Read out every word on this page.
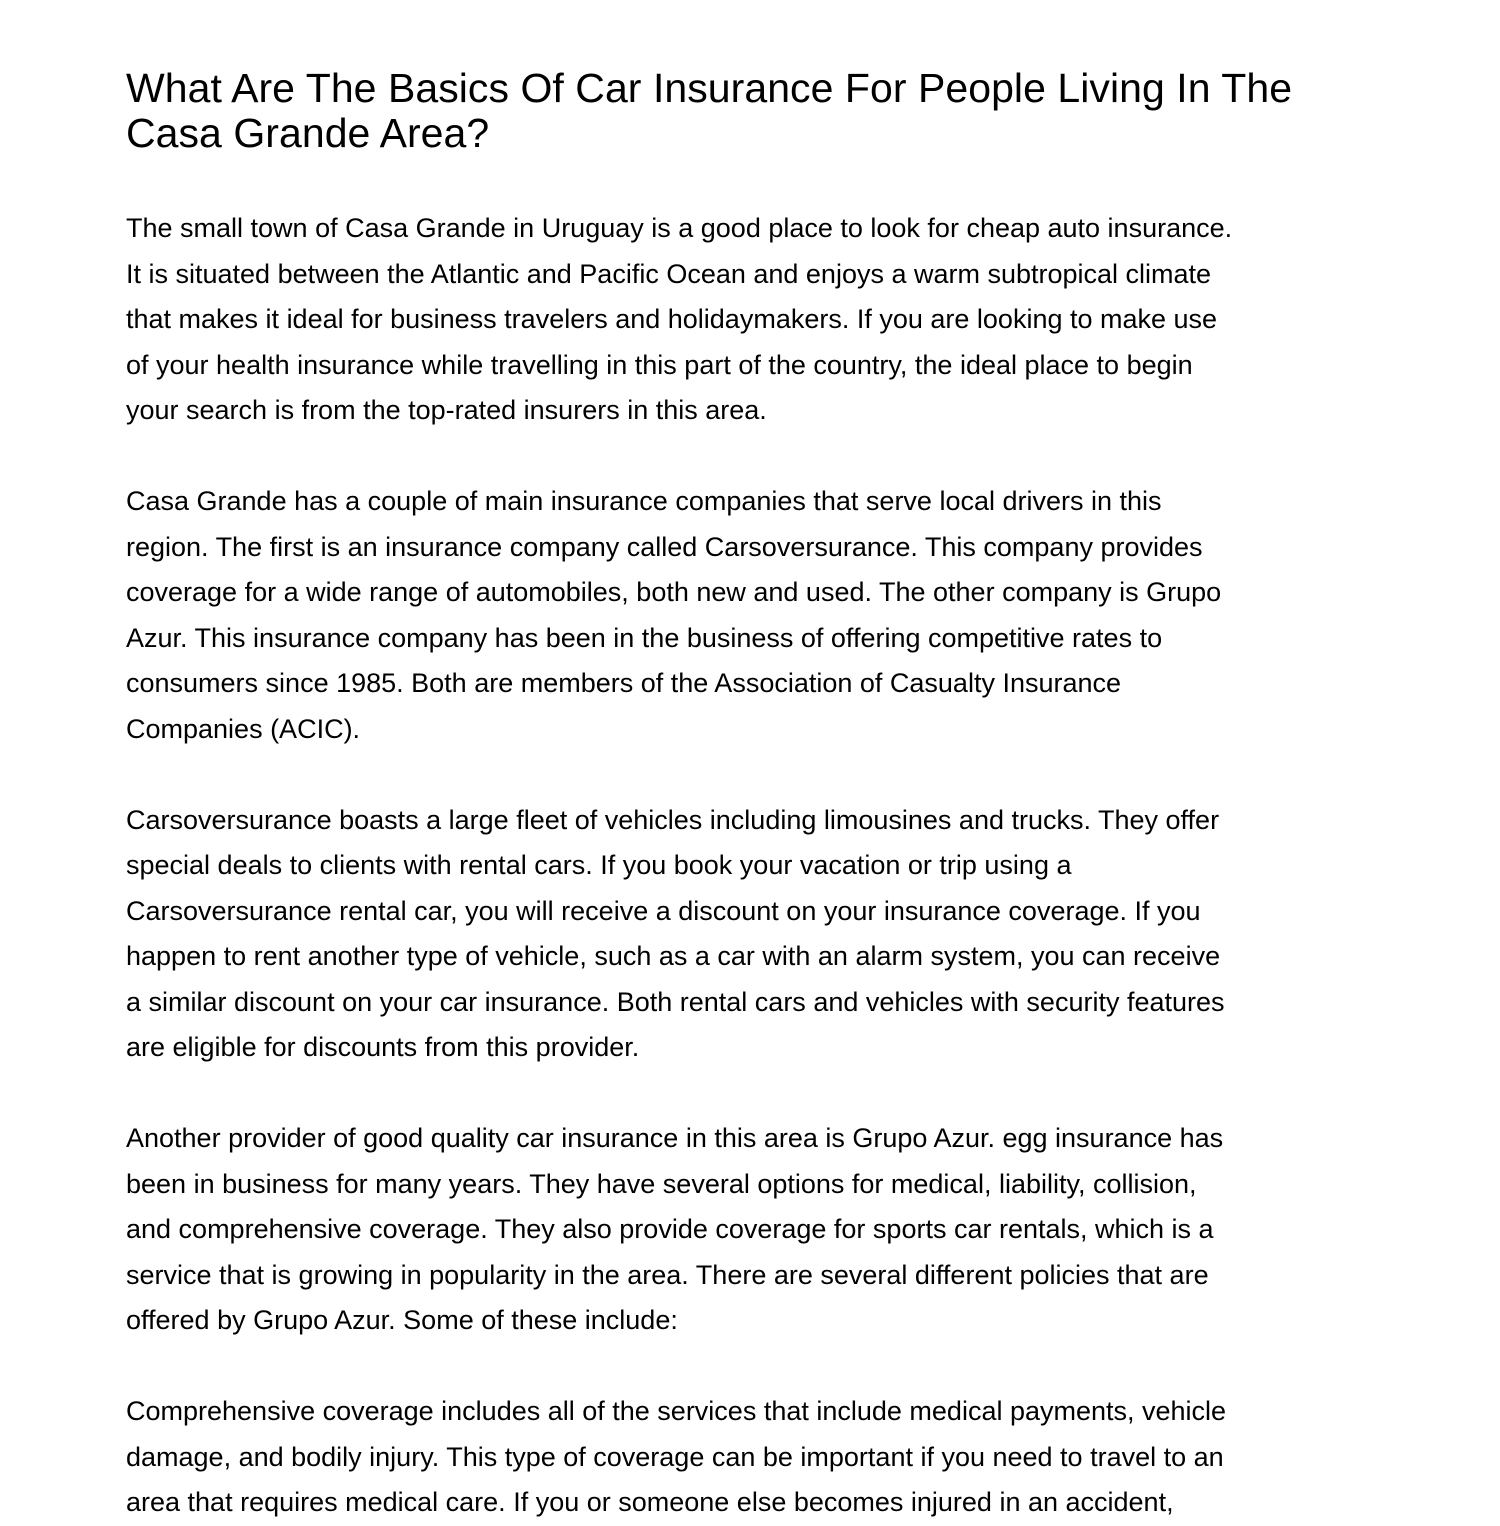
What Are The Basics Of Car Insurance For People Living In The Casa Grande Area?

The small town of Casa Grande in Uruguay is a good place to look for cheap auto insurance.
It is situated between the Atlantic and Pacific Ocean and enjoys a warm subtropical climate
that makes it ideal for business travelers and holidaymakers. If you are looking to make use
of your health insurance while travelling in this part of the country, the ideal place to begin
your search is from the top-rated insurers in this area.

Casa Grande has a couple of main insurance companies that serve local drivers in this
region. The first is an insurance company called Carsoversurance. This company provides
coverage for a wide range of automobiles, both new and used. The other company is Grupo
Azur. This insurance company has been in the business of offering competitive rates to
consumers since 1985. Both are members of the Association of Casualty Insurance
Companies (ACIC).

Carsoversurance boasts a large fleet of vehicles including limousines and trucks. They offer
special deals to clients with rental cars. If you book your vacation or trip using a
Carsoversurance rental car, you will receive a discount on your insurance coverage. If you
happen to rent another type of vehicle, such as a car with an alarm system, you can receive
a similar discount on your car insurance. Both rental cars and vehicles with security features
are eligible for discounts from this provider.

Another provider of good quality car insurance in this area is Grupo Azur. egg insurance has
been in business for many years. They have several options for medical, liability, collision,
and comprehensive coverage. They also provide coverage for sports car rentals, which is a
service that is growing in popularity in the area. There are several different policies that are
offered by Grupo Azur. Some of these include:

Comprehensive coverage includes all of the services that include medical payments, vehicle
damage, and bodily injury. This type of coverage can be important if you need to travel to an
area that requires medical care. If you or someone else becomes injured in an accident,
